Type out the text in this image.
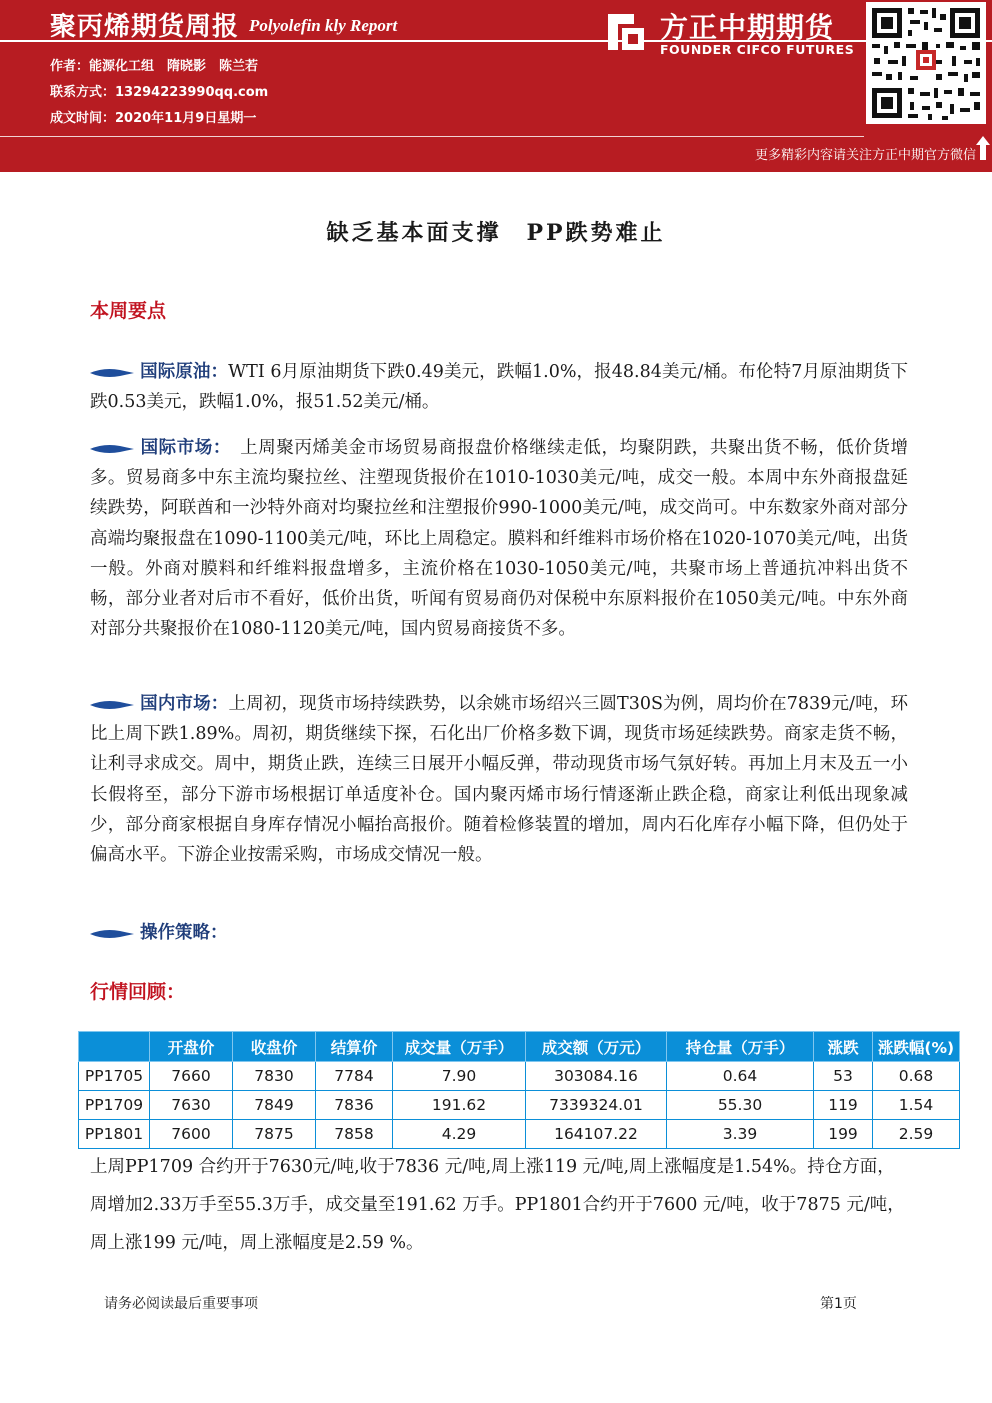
聚丙烯期货周报 Polyolefin kly Report
作者：能源化工组　隋晓影　陈兰若
联系方式：13294223990qq.com
成文时间：2020年11月9日星期一
方正中期期货
FOUNDER CIFCO FUTURES
更多精彩内容请关注方正中期官方微信
缺乏基本面支撑　PP跌势难止
本周要点
国际原油：WTI 6月原油期货下跌0.49美元，跌幅1.0%，报48.84美元/桶。布伦特7月原油期货下跌0.53美元，跌幅1.0%，报51.52美元/桶。
国际市场：　上周聚丙烯美金市场贸易商报盘价格继续走低，均聚阴跌，共聚出货不畅，低价货增多。贸易商多中东主流均聚拉丝、注塑现货报价在1010-1030美元/吨，成交一般。本周中东外商报盘延续跌势，阿联酋和一沙特外商对均聚拉丝和注塑报价990-1000美元/吨，成交尚可。中东数家外商对部分高端均聚报盘在1090-1100美元/吨，环比上周稳定。膜料和纤维料市场价格在1020-1070美元/吨，出货一般。外商对膜料和纤维料报盘增多，主流价格在1030-1050美元/吨，共聚市场上普通抗冲料出货不畅，部分业者对后市不看好，低价出货，听闻有贸易商仍对保税中东原料报价在1050美元/吨。中东外商对部分共聚报价在1080-1120美元/吨，国内贸易商接货不多。
国内市场：上周初，现货市场持续跌势，以余姚市场绍兴三圆T30S为例，周均价在7839元/吨，环比上周下跌1.89%。周初，期货继续下探，石化出厂价格多数下调，现货市场延续跌势。商家走货不畅，让利寻求成交。周中，期货止跌，连续三日展开小幅反弹，带动现货市场气氛好转。再加上月末及五一小长假将至，部分下游市场根据订单适度补仓。国内聚丙烯市场行情逐渐止跌企稳，商家让利低出现象减少，部分商家根据自身库存情况小幅抬高报价。随着检修装置的增加，周内石化库存小幅下降，但仍处于偏高水平。下游企业按需采购，市场成交情况一般。
操作策略：
行情回顾：
	开盘价	收盘价	结算价	成交量（万手）	成交额（万元）	持仓量（万手）	涨跌	涨跌幅(%)
PP1705	7660	7830	7784	7.90	303084.16	0.64	53	0.68
PP1709	7630	7849	7836	191.62	7339324.01	55.30	119	1.54
PP1801	7600	7875	7858	4.29	164107.22	3.39	199	2.59
上周PP1709 合约开于7630元/吨,收于7836 元/吨,周上涨119 元/吨,周上涨幅度是1.54%。持仓方面，周增加2.33万手至55.3万手，成交量至191.62 万手。PP1801合约开于7600 元/吨，收于7875 元/吨，周上涨199 元/吨，周上涨幅度是2.59 %。
请务必阅读最后重要事项	第1页
